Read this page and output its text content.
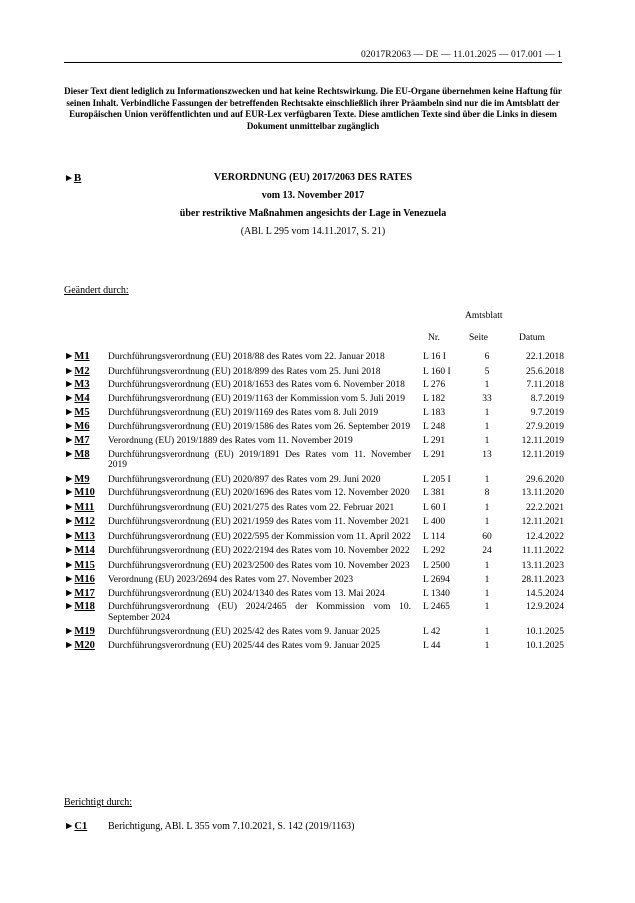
02017R2063 — DE — 11.01.2025 — 017.001 — 1
Dieser Text dient lediglich zu Informationszwecken und hat keine Rechtswirkung. Die EU-Organe übernehmen keine Haftung für seinen Inhalt. Verbindliche Fassungen der betreffenden Rechtsakte einschließlich ihrer Präambeln sind nur die im Amtsblatt der Europäischen Union veröffentlichten und auf EUR-Lex verfügbaren Texte. Diese amtlichen Texte sind über die Links in diesem Dokument unmittelbar zugänglich
►B	VERORDNUNG (EU) 2017/2063 DES RATES
vom 13. November 2017
über restriktive Maßnahmen angesichts der Lage in Venezuela
(ABl. L 295 vom 14.11.2017, S. 21)
Geändert durch:
Amtsblatt
Nr.	Seite	Datum
►M1	Durchführungsverordnung (EU) 2018/88 des Rates vom 22. Januar 2018	L 16 I	6	22.1.2018
►M2	Durchführungsverordnung (EU) 2018/899 des Rates vom 25. Juni 2018	L 160 I	5	25.6.2018
►M3	Durchführungsverordnung (EU) 2018/1653 des Rates vom 6. November 2018	L 276	1	7.11.2018
►M4	Durchführungsverordnung (EU) 2019/1163 der Kommission vom 5. Juli 2019	L 182	33	8.7.2019
►M5	Durchführungsverordnung (EU) 2019/1169 des Rates vom 8. Juli 2019	L 183	1	9.7.2019
►M6	Durchführungsverordnung (EU) 2019/1586 des Rates vom 26. September 2019	L 248	1	27.9.2019
►M7	Verordnung (EU) 2019/1889 des Rates vom 11. November 2019	L 291	1	12.11.2019
►M8	Durchführungsverordnung (EU) 2019/1891 Des Rates vom 11. November 2019	L 291	13	12.11.2019
►M9	Durchführungsverordnung (EU) 2020/897 des Rates vom 29. Juni 2020	L 205 I	1	29.6.2020
►M10	Durchführungsverordnung (EU) 2020/1696 des Rates vom 12. November 2020	L 381	8	13.11.2020
►M11	Durchführungsverordnung (EU) 2021/275 des Rates vom 22. Februar 2021	L 60 I	1	22.2.2021
►M12	Durchführungsverordnung (EU) 2021/1959 des Rates vom 11. November 2021	L 400	1	12.11.2021
►M13	Durchführungsverordnung (EU) 2022/595 der Kommission vom 11. April 2022	L 114	60	12.4.2022
►M14	Durchführungsverordnung (EU) 2022/2194 des Rates vom 10. November 2022	L 292	24	11.11.2022
►M15	Durchführungsverordnung (EU) 2023/2500 des Rates vom 10. November 2023	L 2500	1	13.11.2023
►M16	Verordnung (EU) 2023/2694 des Rates vom 27. November 2023	L 2694	1	28.11.2023
►M17	Durchführungsverordnung (EU) 2024/1340 des Rates vom 13. Mai 2024	L 1340	1	14.5.2024
►M18	Durchführungsverordnung (EU) 2024/2465 der Kommission vom 10. September 2024	L 2465	1	12.9.2024
►M19	Durchführungsverordnung (EU) 2025/42 des Rates vom 9. Januar 2025	L 42	1	10.1.2025
►M20	Durchführungsverordnung (EU) 2025/44 des Rates vom 9. Januar 2025	L 44	1	10.1.2025
Berichtigt durch:
►C1 Berichtigung, ABl. L 355 vom 7.10.2021, S. 142 (2019/1163)
